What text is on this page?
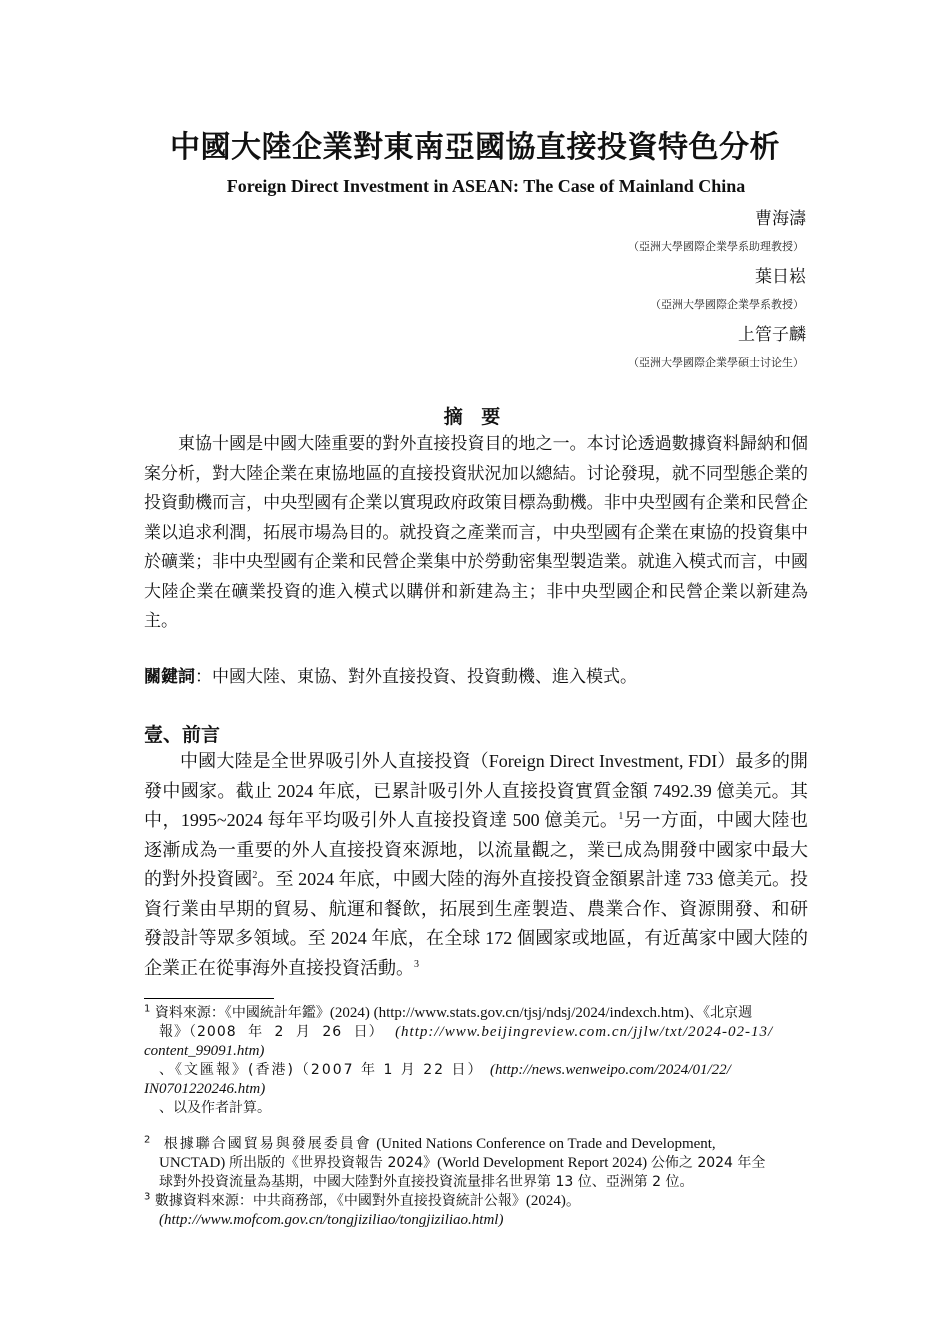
中國大陸企業對東南亞國協直接投資特色分析
Foreign Direct Investment in ASEAN: The Case of Mainland China
曹海濤
（亞洲大學國際企業學系助理教授）
葉日崧
（亞洲大學國際企業學系教授）
上管子麟
（亞洲大學國際企業學碩士讨论生）
摘 要

東協十國是中國大陸重要的對外直接投資目的地之一。本讨论透過數據資料歸納和個案分析，對大陸企業在東協地區的直接投資狀況加以總結。讨论發現，就不同型態企業的投資動機而言，中央型國有企業以實現政府政策目標為動機。非中央型國有企業和民營企業以追求利潤，拓展市場為目的。就投資之產業而言，中央型國有企業在東協的投資集中於礦業；非中央型國有企業和民營企業集中於勞動密集型製造業。就進入模式而言，中國大陸企業在礦業投資的進入模式以購併和新建為主；非中央型國企和民營企業以新建為主。

關鍵詞：中國大陸、東協、對外直接投資、投資動機、進入模式。
壹、前言

中國大陸是全世界吸引外人直接投資（Foreign Direct Investment, FDI）最多的開發中國家。截止 2024 年底，已累計吸引外人直接投資實質金額 7492.39 億美元。其中，1995~2024 每年平均吸引外人直接投資達 500 億美元。$^1$另一方面，中國大陸也逐漸成為一重要的外人直接投資來源地，以流量觀之，業已成為開發中國家中最大的對外投資國$^2$。至 2024 年底，中國大陸的海外直接投資金額累計達 733 億美元。投資行業由早期的貿易、航運和餐飲，拓展到生產製造、農業合作、資源開發、和研發設計等眾多領域。至 2024 年底，在全球 172 個國家或地區，有近萬家中國大陸的企業正在從事海外直接投資活動。$^3$

$^1$ 資料來源：《中國統計年鑑》(2024) (http://www.stats.gov.cn/tjsj/ndsj/2024/indexch.htm)、《北京週
報》（2008 年 2 月 26 日） (http://www.beijingreview.com.cn/jjlw/txt/2024-02-13/
content_99091.htm)
、《文匯報》(香港)（2007 年 1 月 22 日） (http://news.wenweipo.com/2024/01/22/
IN0701220246.htm)
、以及作者計算。
$^2$ 根據聯合國貿易與發展委員會 (United Nations Conference on Trade and Development,
UNCTAD) 所出版的《世界投資報告 2024》(World Development Report 2024) 公佈之 2024 年全
球對外投資流量為基期，中國大陸對外直接投資流量排名世界第 13 位、亞洲第 2 位。
$^3$ 數據資料來源：中共商務部，《中國對外直接投資統計公報》(2024)。
(http://www.mofcom.gov.cn/tongjiziliao/tongjiziliao.html)
